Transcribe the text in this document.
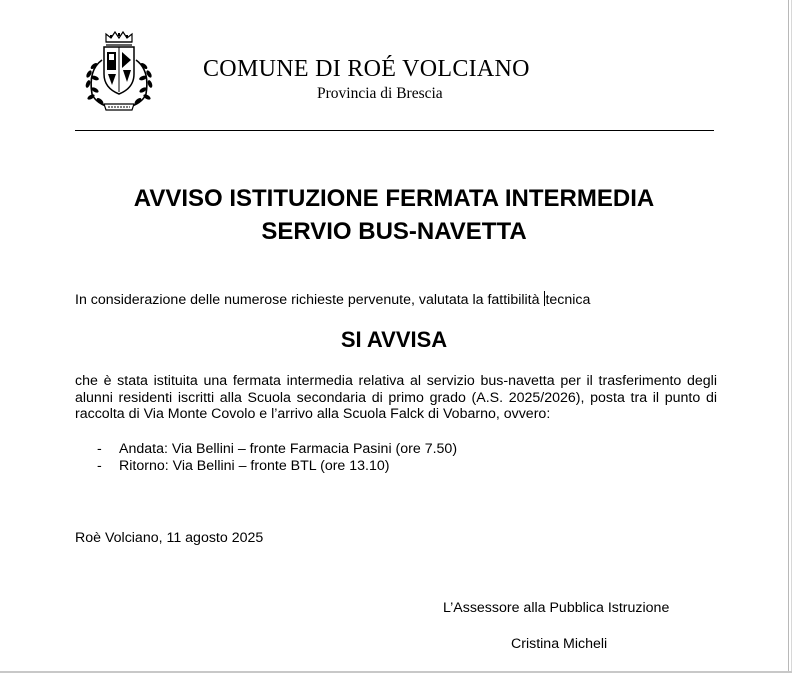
COMUNE DI ROÉ VOLCIANO
Provincia di Brescia
AVVISO ISTITUZIONE FERMATA INTERMEDIA
SERVIO BUS-NAVETTA
In considerazione delle numerose richieste pervenute, valutata la fattibilità tecnica
SI AVVISA
che è stata istituita una fermata intermedia relativa al servizio bus-navetta per il trasferimento degli
alunni residenti iscritti alla Scuola secondaria di primo grado (A.S. 2025/2026), posta tra il punto di
raccolta di Via Monte Covolo e l’arrivo alla Scuola Falck di Vobarno, ovvero:
- Andata: Via Bellini – fronte Farmacia Pasini (ore 7.50)
- Ritorno: Via Bellini – fronte BTL (ore 13.10)
Roè Volciano, 11 agosto 2025
L’Assessore alla Pubblica Istruzione
Cristina Micheli
